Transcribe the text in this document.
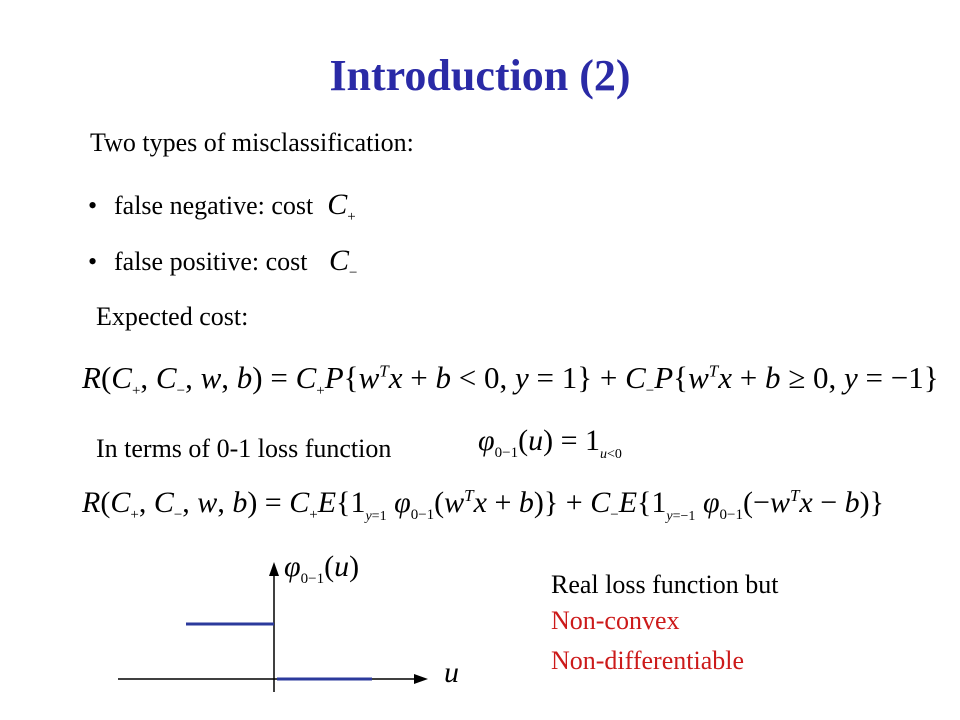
Introduction (2)
Two types of misclassification:
• false negative: cost  $C_+$
• false positive: cost   $C_-$
Expected cost:
$R(C_+$, $C_-$, w, $b) = C_+P\{w^Tx + b < 0$, $y = 1\} + C_-P\{w^Tx + b \ge 0$, y = −1}
In terms of 0-1 loss function	$\varphi_{0-1}(u) = 1_{u<0}$
$R(C_+$, $C_-$, w, $b) = C_+E\{1_{y=1}$ $\varphi_{0-1}(w^Tx + b)\} + C_-E\{1_{y=-1}$ $\varphi_{0-1}(-w^Tx - b)$}
$\varphi_{0-1}(u)$
u
Real loss function but
Non-convex
Non-differentiable
